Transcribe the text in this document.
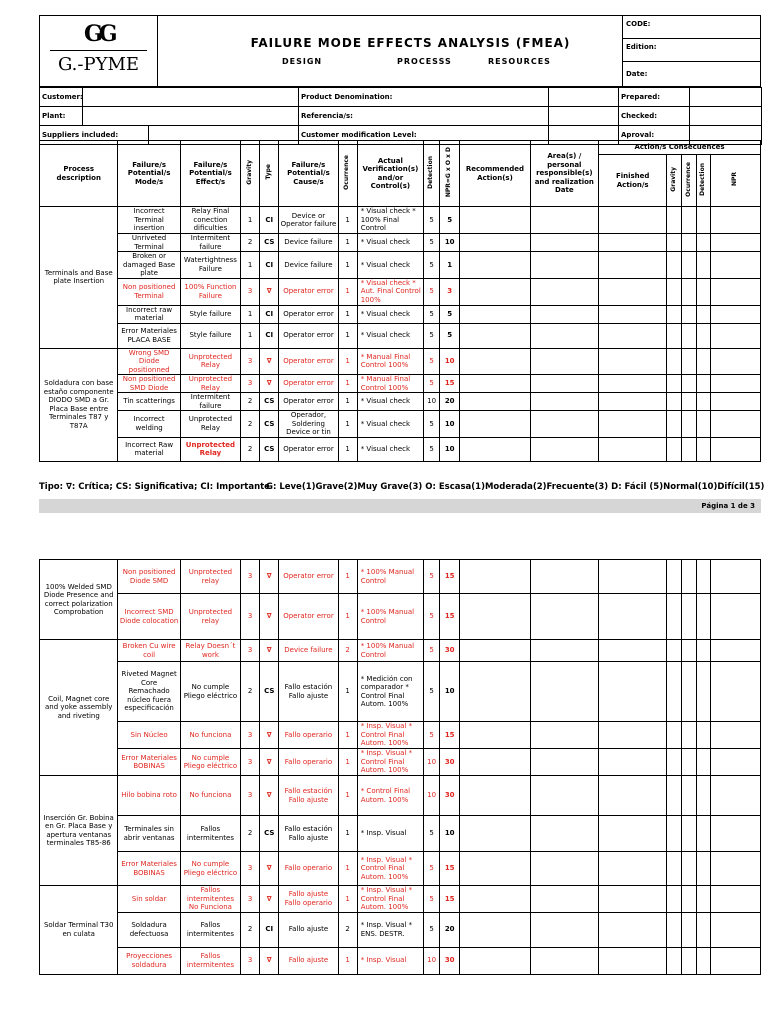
GG
G.-PYME
FAILURE MODE EFFECTS ANALYSIS (FMEA)
DESIGN	PROCESSS	RESOURCES
CODE:
Edition:
Date:
Customer:			Product Denomination:		Prepared:	
Plant:			Referencia/s:		Checked:	
Suppliers included:			Customer modification Level:		Aproval:	
Process description	Failure/s Potential/s Mode/s	Failure/s Potential/s Effect/s	Gravity	Type	Failure/s Potential/s Cause/s	Ocurrence	Actual Verification(s) and/or Control(s)	Detection	NPR=G x O x D	Recommended Action(s)	Area(s) / personal responsible(s) and realization Date	Action/s Consecuences				
												Finished Action/s	Gravity	Ocurrence	Detection	NPR
Terminals and Base plate Insertion	Incorrect Terminal insertion	Relay Final conection dificulties	1	CI	Device or Operator failure	1	* Visual check * 100% Final Control	5	5							
	Unriveted Terminal	Intermitent failure	2	CS	Device failure	1	* Visual check	5	10							
	Broken or damaged Base plate	Watertightness Failure	1	CI	Device failure	1	* Visual check	5	1							
	Non positioned Terminal	100% Function Failure	3	∇	Operator error	1	* Visual check * Aut. Final Control 100%	5	3							
	Incorrect raw material	Style failure	1	CI	Operator error	1	* Visual check	5	5							
	Error Materiales PLACA BASE	Style failure	1	CI	Operator error	1	* Visual check	5	5							
Soldadura con base estaño componente DIODO SMD a Gr. Placa Base entre Terminales T87 y T87A	Wrong SMD Diode positionned	Unprotected Relay	3	∇	Operator error	1	* Manual Final Control 100%	5	10							
	Non positioned SMD Diode	Unprotected Relay	3	∇	Operator error	1	* Manual Final Control 100%	5	15							
	Tin scatterings	Intermitent failure	2	CS	Operator error	1	* Visual check	10	20							
	Incorrect welding	Unprotected Relay	2	CS	Operador, Soldering Device or tin	1	* Visual check	5	10							
	Incorrect Raw material	Unprotected Relay	2	CS	Operator error	1	* Visual check	5	10							
Tipo: ∇: Crítica; CS: Significativa; CI: Importante
G: Leve(1)Grave(2)Muy Grave(3) O: Escasa(1)Moderada(2)Frecuente(3) D: Fácil (5)Normal(10)Difícil(15)
Página 1 de 3
100% Welded SMD Diode Presence and correct polarization Comprobation	Non positioned Diode SMD	Unprotected relay	3	∇	Operator error	1	* 100% Manual Control	5	15							
	Incorrect SMD Diode colocation	Unprotected relay	3	∇	Operator error	1	* 100% Manual Control	5	15							
Coil, Magnet core and yoke assembly and riveting	Broken Cu wire coil	Relay Doesn´t work	3	∇	Device failure	2	* 100% Manual Control	5	30							
	Riveted Magnet Core Remachado núcleo fuera especificación	No cumple Pliego eléctrico	2	CS	Fallo estación Fallo ajuste	1	* Medición con comparador * Control Final Autom. 100%	5	10							
	Sin Núcleo	No funciona	3	∇	Fallo operario	1	* Insp. Visual * Control Final Autom. 100%	5	15							
	Error Materiales BOBINAS	No cumple Pliego eléctrico	3	∇	Fallo operario	1	* Insp. Visual * Control Final Autom. 100%	10	30							
Inserción Gr. Bobina en Gr. Placa Base y apertura ventanas terminales T85-86	Hilo bobina roto	No funciona	3	∇	Fallo estación Fallo ajuste	1	* Control Final Autom. 100%	10	30							
	Terminales sin abrir ventanas	Fallos intermitentes	2	CS	Fallo estación Fallo ajuste	1	* Insp. Visual	5	10							
	Error Materiales BOBINAS	No cumple Pliego eléctrico	3	∇	Fallo operario	1	* Insp. Visual * Control Final Autom. 100%	5	15							
Soldar Terminal T30 en culata	Sin soldar	Fallos intermitentes No Funciona	3	∇	Fallo ajuste Fallo operario	1	* Insp. Visual * Control Final Autom. 100%	5	15							
	Soldadura defectuosa	Fallos intermitentes	2	CI	Fallo ajuste	2	* Insp. Visual * ENS. DESTR.	5	20							
	Proyecciones soldadura	Fallos intermitentes	3	∇	Fallo ajuste	1	* Insp. Visual	10	30							
